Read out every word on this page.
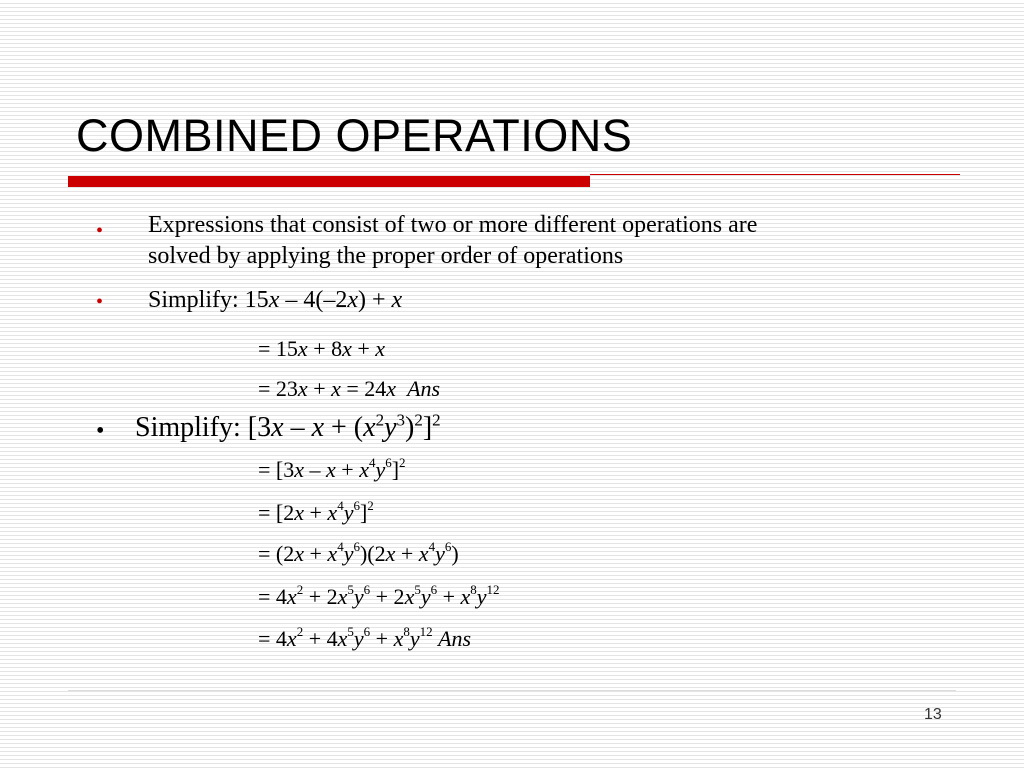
COMBINED OPERATIONS
• Expressions that consist of two or more different operations are
solved by applying the proper order of operations
• Simplify: 15x – 4(–2x) + x
= 15x + 8x + x
= 23x + x = 24x Ans
• Simplify: $[3x - x + (x^2y^3)^2]^2$
= $[3x - x + x^4y^6]^2$
= $[2x + x^4y^6]^2$
= $(2x + x^4y^6)(2x + x^4y^6)$
= $4x^2 + 2x^5y^6 + 2x^5y^6 + x^8y^{12}$
= $4x^2 + 4x^5y^6 + x^8y^{12}$ Ans
13
